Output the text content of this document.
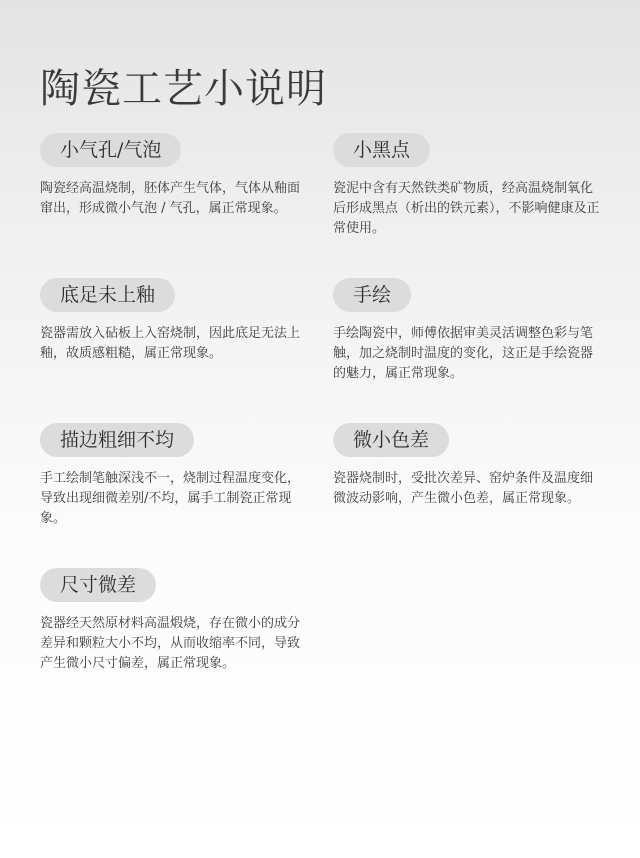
陶瓷工艺小说明
小气孔/气泡

陶瓷经高温烧制，胚体产生气体，气体从釉面窜出，形成微小气泡 / 气孔，属正常现象。

小黑点

瓷泥中含有天然铁类矿物质，经高温烧制氧化后形成黑点（析出的铁元素），不影响健康及正常使用。

底足未上釉

瓷器需放入砧板上入窑烧制，因此底足无法上釉，故质感粗糙，属正常现象。

手绘

手绘陶瓷中，师傅依据审美灵活调整色彩与笔触，加之烧制时温度的变化，这正是手绘瓷器的魅力，属正常现象。

描边粗细不均

手工绘制笔触深浅不一，烧制过程温度变化，导致出现细微差别/不均，属手工制瓷正常现象。

微小色差

瓷器烧制时，受批次差异、窑炉条件及温度细微波动影响，产生微小色差，属正常现象。

尺寸微差

瓷器经天然原材料高温煅烧，存在微小的成分差异和颗粒大小不均，从而收缩率不同，导致产生微小尺寸偏差，属正常现象。
